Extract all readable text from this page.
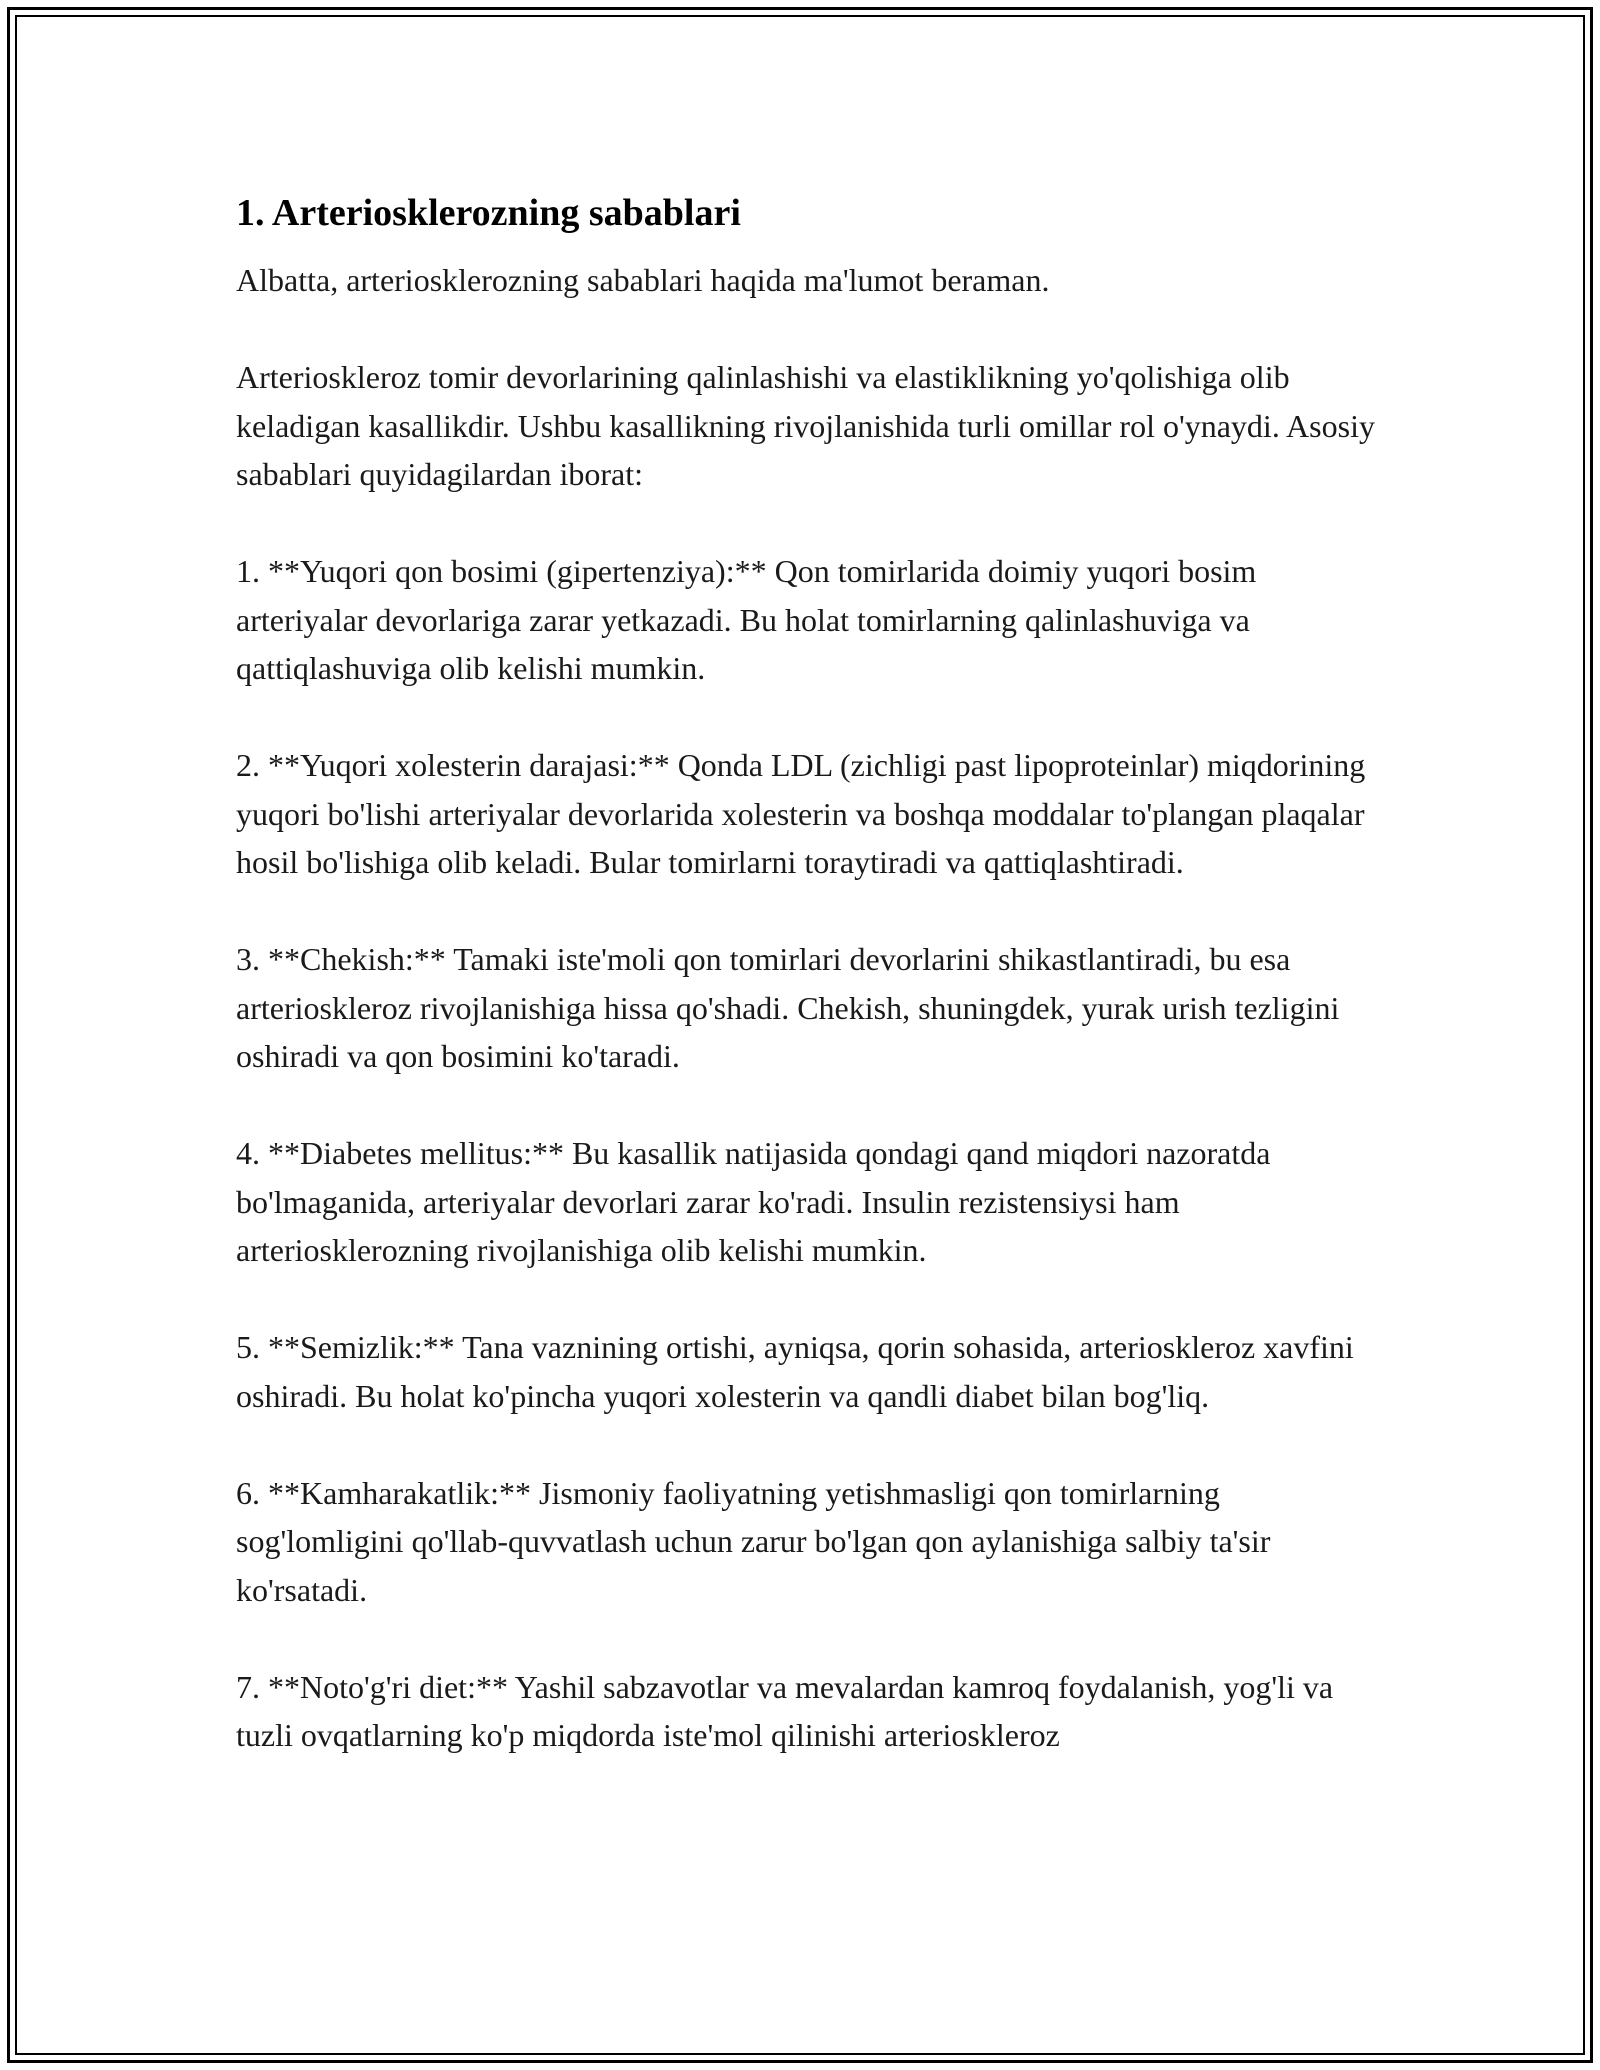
1. Arteriosklerozning sabablari

Albatta, arteriosklerozning sabablari haqida ma'lumot beraman.

Arterioskleroz tomir devorlarining qalinlashishi va elastiklikning yo'qolishiga olib keladigan kasallikdir. Ushbu kasallikning rivojlanishida turli omillar rol o'ynaydi. Asosiy sabablari quyidagilardan iborat:

1. **Yuqori qon bosimi (gipertenziya):** Qon tomirlarida doimiy yuqori bosim arteriyalar devorlariga zarar yetkazadi. Bu holat tomirlarning qalinlashuviga va qattiqlashuviga olib kelishi mumkin.

2. **Yuqori xolesterin darajasi:** Qonda LDL (zichligi past lipoproteinlar) miqdorining yuqori bo'lishi arteriyalar devorlarida xolesterin va boshqa moddalar to'plangan plaqalar hosil bo'lishiga olib keladi. Bular tomirlarni toraytiradi va qattiqlashtiradi.

3. **Chekish:** Tamaki iste'moli qon tomirlari devorlarini shikastlantiradi, bu esa arterioskleroz rivojlanishiga hissa qo'shadi. Chekish, shuningdek, yurak urish tezligini oshiradi va qon bosimini ko'taradi.

4. **Diabetes mellitus:** Bu kasallik natijasida qondagi qand miqdori nazoratda bo'lmaganida, arteriyalar devorlari zarar ko'radi. Insulin rezistensiysi ham arteriosklerozning rivojlanishiga olib kelishi mumkin.

5. **Semizlik:** Tana vaznining ortishi, ayniqsa, qorin sohasida, arterioskleroz xavfini oshiradi. Bu holat ko'pincha yuqori xolesterin va qandli diabet bilan bog'liq.

6. **Kamharakatlik:** Jismoniy faoliyatning yetishmasligi qon tomirlarning sog'lomligini qo'llab-quvvatlash uchun zarur bo'lgan qon aylanishiga salbiy ta'sir ko'rsatadi.

7. **Noto'g'ri diet:** Yashil sabzavotlar va mevalardan kamroq foydalanish, yog'li va tuzli ovqatlarning ko'p miqdorda iste'mol qilinishi arterioskleroz
